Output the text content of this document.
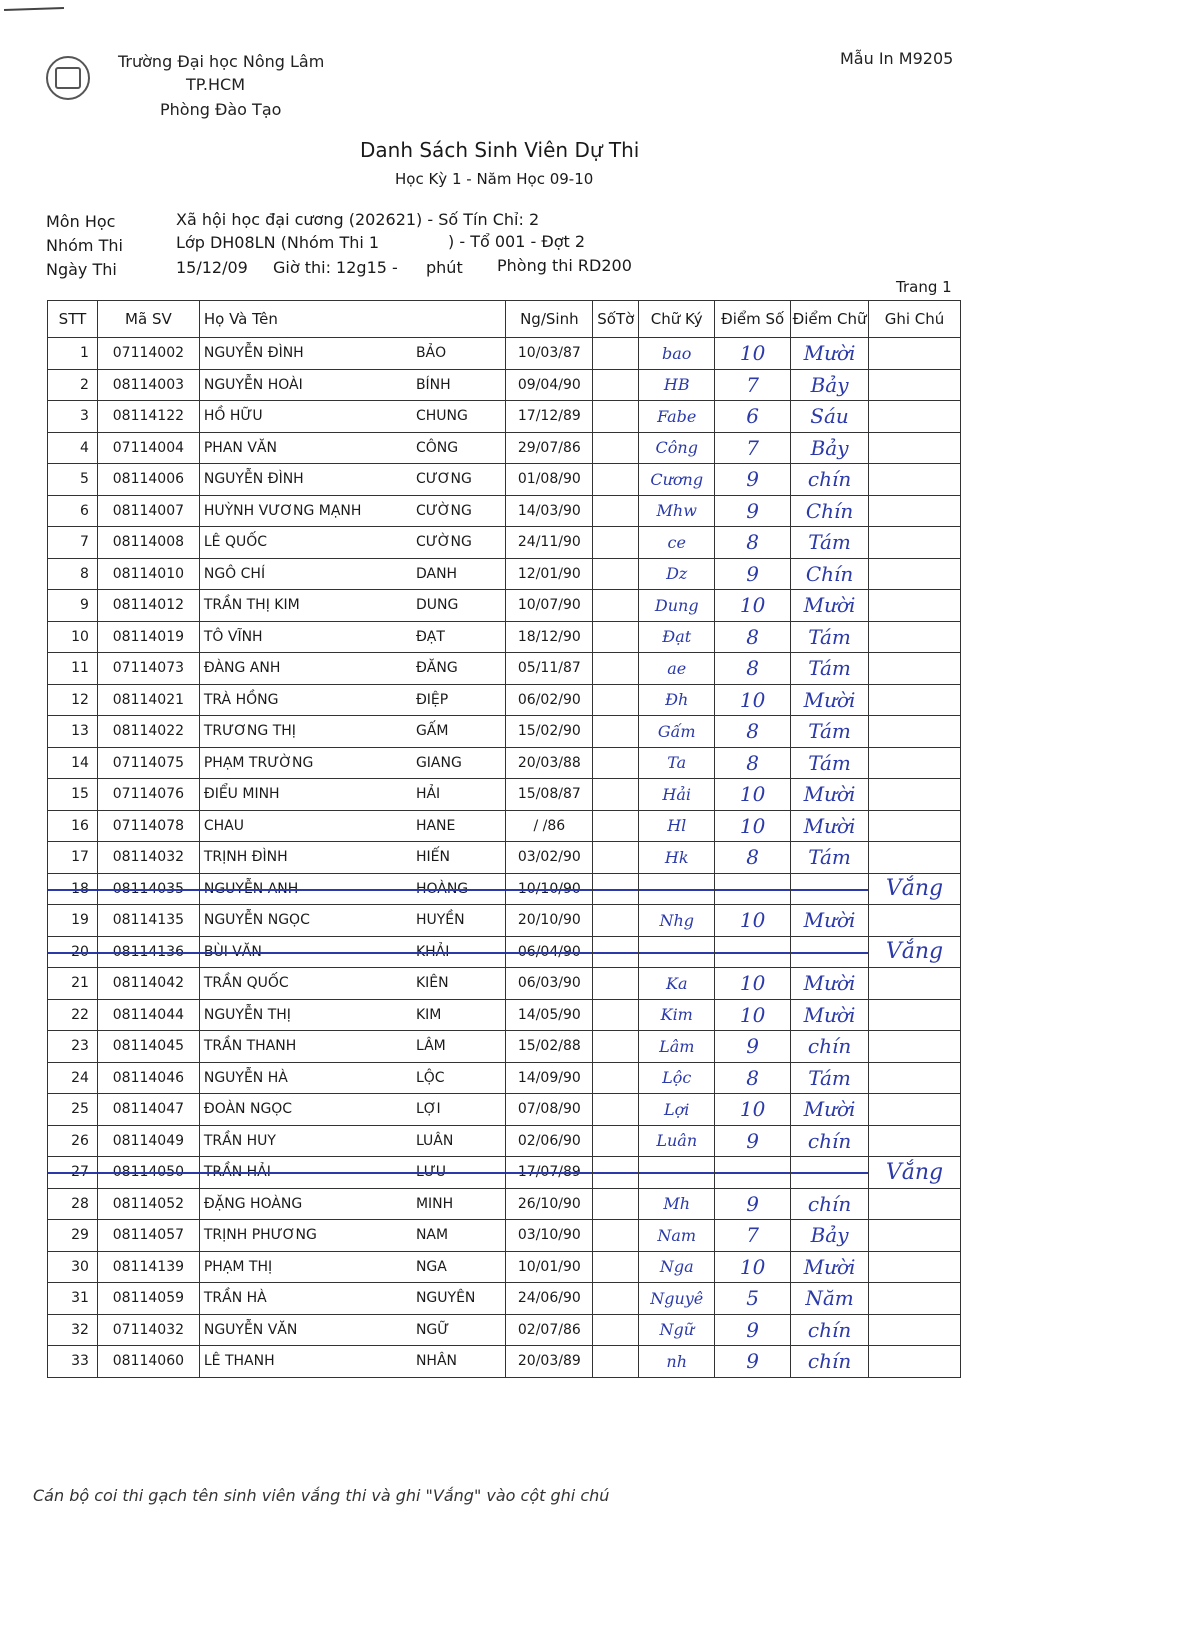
Trường Đại học Nông Lâm
TP.HCM
Phòng Đào Tạo
Mẫu In M9205
Danh Sách Sinh Viên Dự Thi
Học Kỳ 1 - Năm Học 09-10
Môn Học	Xã hội học đại cương (202621) - Số Tín Chỉ: 2
Nhóm Thi	Lớp DH08LN (Nhóm Thi 1	) - Tổ 001 - Đợt 2
Ngày Thi	15/12/09 Giờ thi: 12g15 - phút Phòng thi RD200
Trang 1
STT	Mã SV	Họ Và Tên		Ng/Sinh	SốTờ	Chữ Ký	Điểm Số	Điểm Chữ	Ghi Chú
1	07114002	NGUYỄN ĐÌNH	BẢO	10/03/87		bao	10	Mười	
2	08114003	NGUYỄN HOÀI	BÍNH	09/04/90		HB	7	Bảy	
3	08114122	HỒ HỮU	CHUNG	17/12/89		Fabe	6	Sáu	
4	07114004	PHAN VĂN	CÔNG	29/07/86		Công	7	Bảy	
5	08114006	NGUYỄN ĐÌNH	CƯƠNG	01/08/90		Cương	9	chín	
6	08114007	HUỲNH VƯƠNG MẠNH	CƯỜNG	14/03/90		Mhw	9	Chín	
7	08114008	LÊ QUỐC	CƯỜNG	24/11/90		ce	8	Tám	
8	08114010	NGÔ CHÍ	DANH	12/01/90		Dz	9	Chín	
9	08114012	TRẦN THỊ KIM	DUNG	10/07/90		Dung	10	Mười	
10	08114019	TÔ VĨNH	ĐẠT	18/12/90		Đạt	8	Tám	
11	07114073	ĐÀNG ANH	ĐĂNG	05/11/87		ae	8	Tám	
12	08114021	TRÀ HỒNG	ĐIỆP	06/02/90		Đh	10	Mười	
13	08114022	TRƯƠNG THỊ	GẤM	15/02/90		Gấm	8	Tám	
14	07114075	PHẠM TRƯỜNG	GIANG	20/03/88		Ta	8	Tám	
15	07114076	ĐIỂU MINH	HẢI	15/08/87		Hải	10	Mười	
16	07114078	CHAU	HANE	/ /86		Hl	10	Mười	
17	08114032	TRỊNH ĐÌNH	HIẾN	03/02/90		Hk	8	Tám	
18	08114035	NGUYỄN ANH	HOÀNG	10/10/90					Vắng
19	08114135	NGUYỄN NGỌC	HUYỀN	20/10/90		Nhg	10	Mười	
20	08114136	BÙI VĂN	KHẢI	06/04/90					Vắng
21	08114042	TRẦN QUỐC	KIÊN	06/03/90		Ka	10	Mười	
22	08114044	NGUYỄN THỊ	KIM	14/05/90		Kim	10	Mười	
23	08114045	TRẦN THANH	LÂM	15/02/88		Lâm	9	chín	
24	08114046	NGUYỄN HÀ	LỘC	14/09/90		Lộc	8	Tám	
25	08114047	ĐOÀN NGỌC	LỢI	07/08/90		Lợi	10	Mười	
26	08114049	TRẦN HUY	LUÂN	02/06/90		Luân	9	chín	
27	08114050	TRẦN HẢI	LƯU	17/07/89					Vắng
28	08114052	ĐẶNG HOÀNG	MINH	26/10/90		Mh	9	chín	
29	08114057	TRỊNH PHƯƠNG	NAM	03/10/90		Nam	7	Bảy	
30	08114139	PHẠM THỊ	NGA	10/01/90		Nga	10	Mười	
31	08114059	TRẦN HÀ	NGUYÊN	24/06/90		Nguyê	5	Năm	
32	07114032	NGUYỄN VĂN	NGỮ	02/07/86		Ngữ	9	chín	
33	08114060	LÊ THANH	NHÂN	20/03/89		nh	9	chín	
Cán bộ coi thi gạch tên sinh viên vắng thi và ghi "Vắng" vào cột ghi chú
